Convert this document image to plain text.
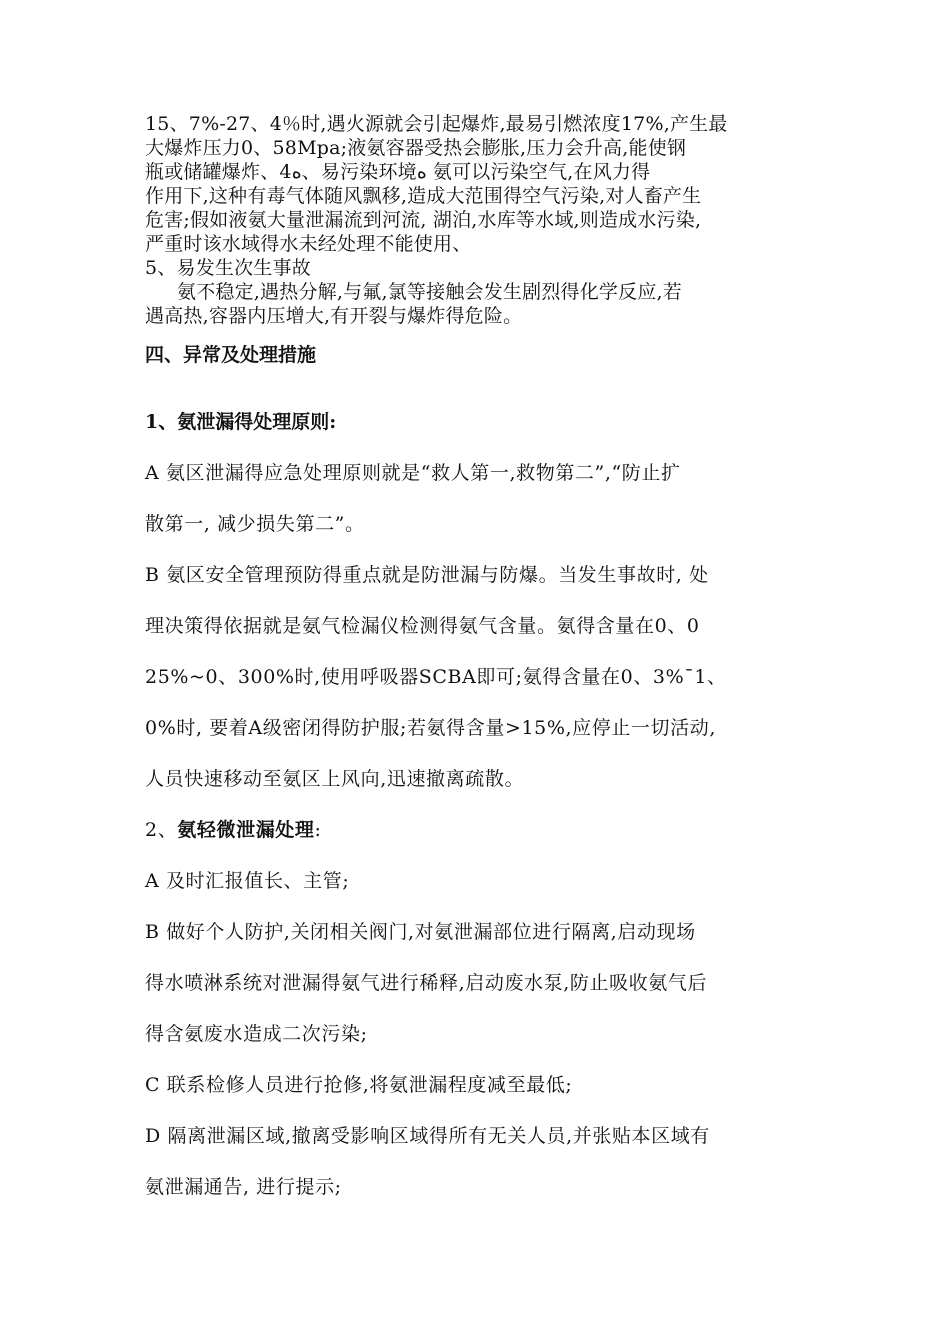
15、7%-27、4％时,遇火源就会引起爆炸,最易引燃浓度17%,产生最

大爆炸压力0、58Mpa;液氨容器受热会膨胀,压力会升高,能使钢

瓶或储罐爆炸、4ﻩ、易污染环境ﻩ 氨可以污染空气,在风力得

作用下,这种有毒气体随风飘移,造成大范围得空气污染,对人畜产生

危害;假如液氨大量泄漏流到河流, 湖泊,水库等水域,则造成水污染,

严重时该水域得水未经处理不能使用、

5、易发生次生事故

氨不稳定,遇热分解,与氟,氯等接触会发生剧烈得化学反应,若

遇高热,容器内压增大,有开裂与爆炸得危险。

四、异常及处理措施

1、氨泄漏得处理原则:

A 氨区泄漏得应急处理原则就是“救人第一,救物第二”,“防止扩

散第一, 减少损失第二”。

B 氨区安全管理预防得重点就是防泄漏与防爆。当发生事故时, 处

理决策得依据就是氨气检漏仪检测得氨气含量。氨得含量在0、0

25%~0、300%时,使用呼吸器SCBA即可;氨得含量在0、3%¯1、

0%时, 要着A级密闭得防护服;若氨得含量>15%,应停止一切活动,

人员快速移动至氨区上风向,迅速撤离疏散。

2、氨轻微泄漏处理:

A 及时汇报值长、主管;

B 做好个人防护,关闭相关阀门,对氨泄漏部位进行隔离,启动现场

得水喷淋系统对泄漏得氨气进行稀释,启动废水泵,防止吸收氨气后

得含氨废水造成二次污染;

C 联系检修人员进行抢修,将氨泄漏程度减至最低;

D 隔离泄漏区域,撤离受影响区域得所有无关人员,并张贴本区域有

氨泄漏通告, 进行提示;
